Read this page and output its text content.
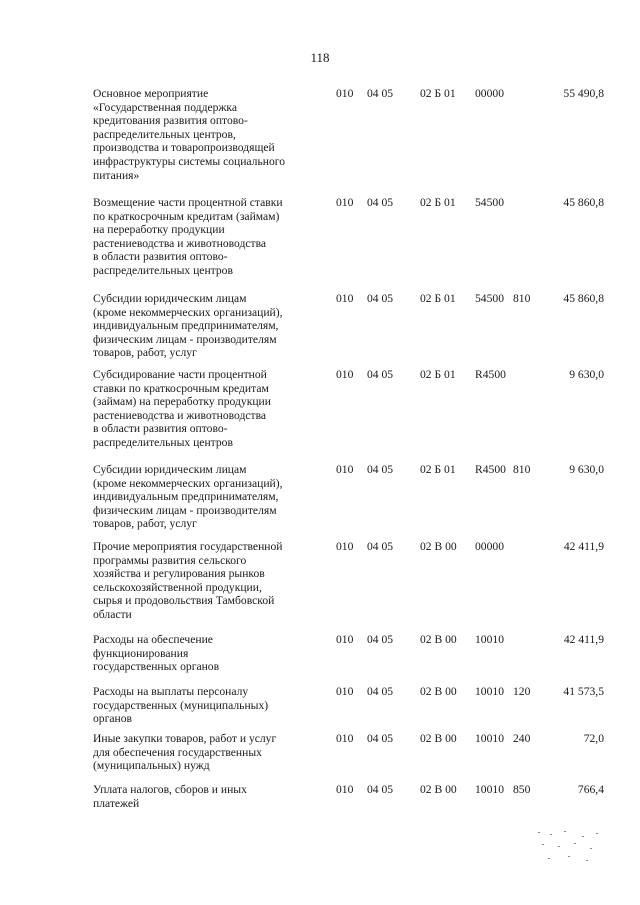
118
Основное мероприятие
«Государственная поддержка
кредитования развития оптово-
распределительных центров,
производства и товаропроизводящей
инфраструктуры системы социального
питания»
010 04 05 02 Б 01 00000	55 490,8
Возмещение части процентной ставки
по краткосрочным кредитам (займам)
на переработку продукции
растениеводства и животноводства
в области развития оптово-
распределительных центров
010 04 05 02 Б 01 54500	45 860,8
Субсидии юридическим лицам
(кроме некоммерческих организаций),
индивидуальным предпринимателям,
физическим лицам - производителям
товаров, работ, услуг
010 04 05 02 Б 01 54500 810	45 860,8
Субсидирование части процентной
ставки по краткосрочным кредитам
(займам) на переработку продукции
растениеводства и животноводства
в области развития оптово-
распределительных центров
010 04 05 02 Б 01 R4500	9 630,0
Субсидии юридическим лицам
(кроме некоммерческих организаций),
индивидуальным предпринимателям,
физическим лицам - производителям
товаров, работ, услуг
010 04 05 02 Б 01 R4500 810	9 630,0
Прочие мероприятия государственной
программы развития сельского
хозяйства и регулирования рынков
сельскохозяйственной продукции,
сырья и продовольствия Тамбовской
области
010 04 05 02 В 00 00000	42 411,9
Расходы на обеспечение
функционирования
государственных органов
010 04 05 02 В 00 10010	42 411,9
Расходы на выплаты персоналу
государственных (муниципальных)
органов
010 04 05 02 В 00 10010 120	41 573,5
Иные закупки товаров, работ и услуг
для обеспечения государственных
(муниципальных) нужд
010 04 05 02 В 00 10010 240	72,0
Уплата налогов, сборов и иных
платежей
010 04 05 02 В 00 10010 850	766,4
